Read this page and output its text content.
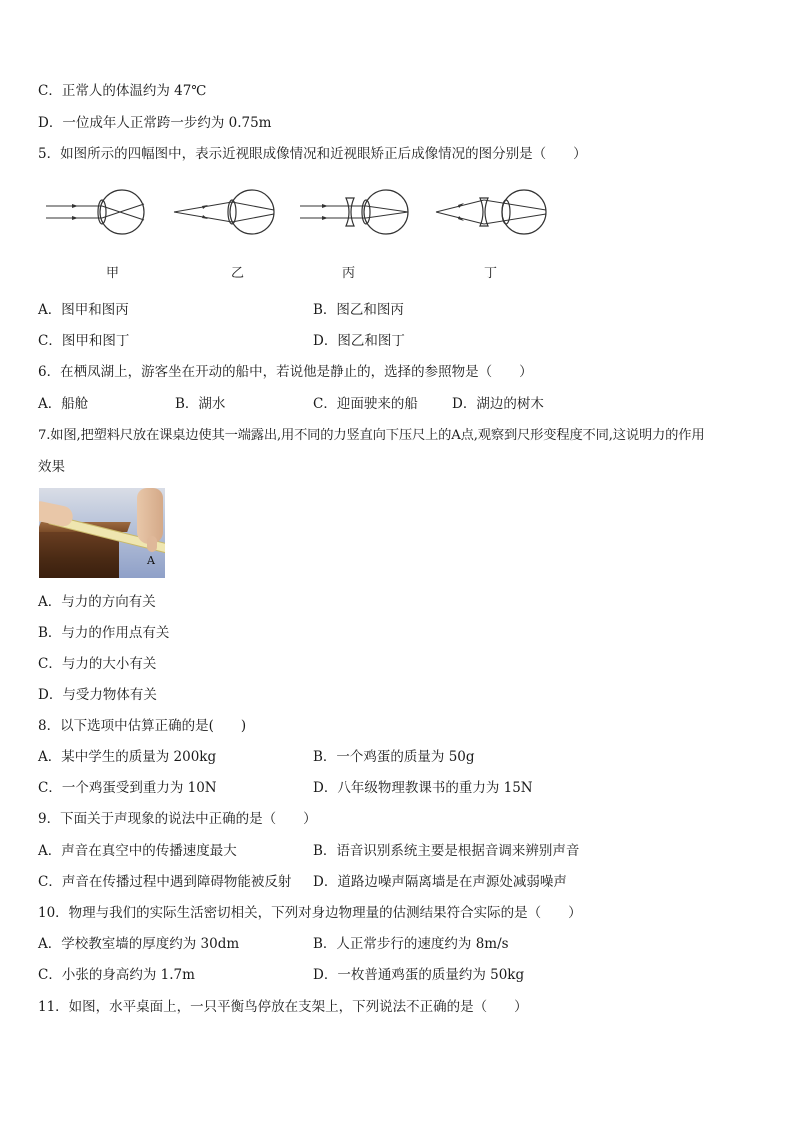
C．正常人的体温约为 47℃
D．一位成年人正常跨一步约为 0.75m
5．如图所示的四幅图中，表示近视眼成像情况和近视眼矫正后成像情况的图分别是（　　）
甲	乙	丙	丁
A．图甲和图丙	B．图乙和图丙
C．图甲和图丁	D．图乙和图丁
6．在栖凤湖上，游客坐在开动的船中，若说他是静止的，选择的参照物是（　　）
A．船舱	B．湖水	C．迎面驶来的船	D．湖边的树木
7.如图,把塑料尺放在课桌边使其一端露出,用不同的力竖直向下压尺上的A点,观察到尺形变程度不同,这说明力的作用
效果
A
A．与力的方向有关
B．与力的作用点有关
C．与力的大小有关
D．与受力物体有关
8．以下选项中估算正确的是(　　)
A．某中学生的质量为 200kg	B．一个鸡蛋的质量为 50g
C．一个鸡蛋受到重力为 10N	D．八年级物理教课书的重力为 15N
9．下面关于声现象的说法中正确的是（　　）
A．声音在真空中的传播速度最大	B．语音识别系统主要是根据音调来辨别声音
C．声音在传播过程中遇到障碍物能被反射 D．道路边噪声隔离墙是在声源处减弱噪声
10．物理与我们的实际生活密切相关，下列对身边物理量的估测结果符合实际的是（　　）
A．学校教室墙的厚度约为 30dm	B．人正常步行的速度约为 8m/s
C．小张的身高约为 1.7m	D．一枚普通鸡蛋的质量约为 50kg
11．如图，水平桌面上，一只平衡鸟停放在支架上，下列说法不正确的是（　　）
